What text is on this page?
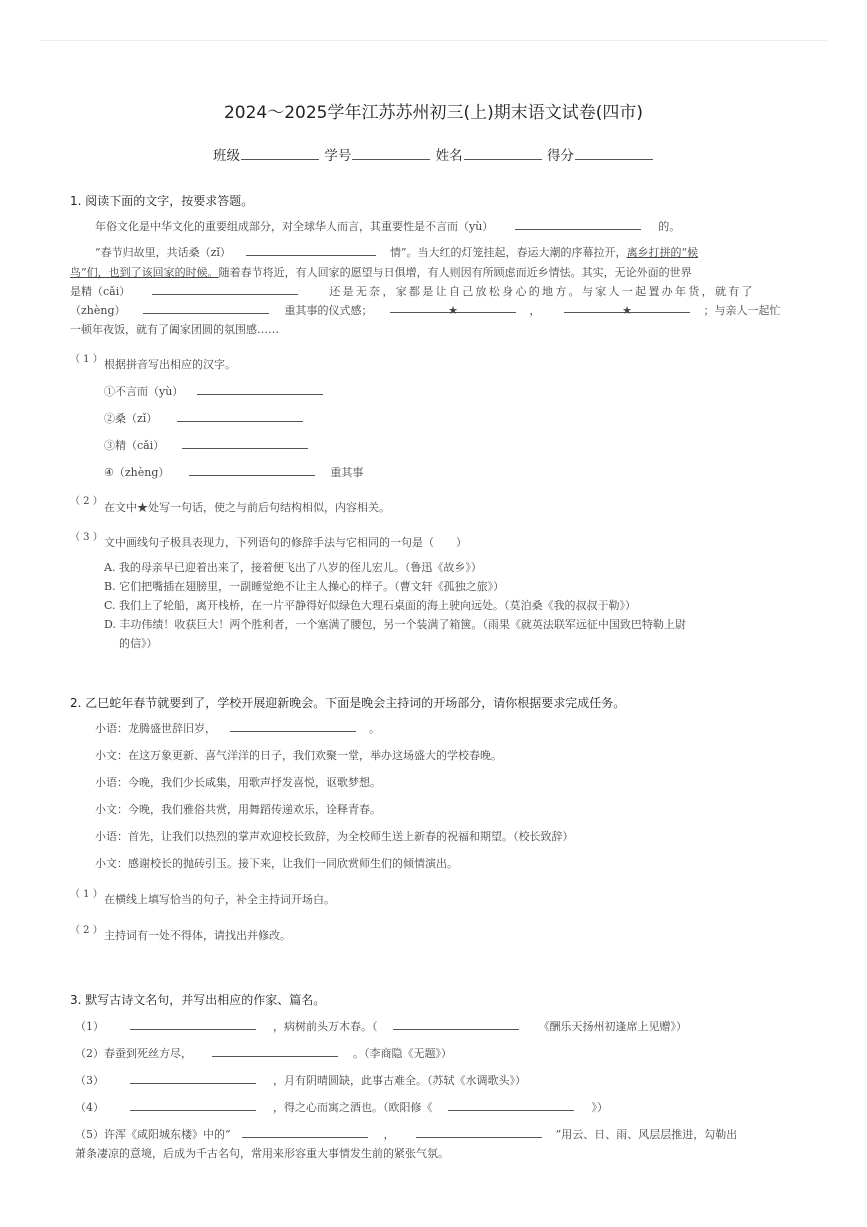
2024～2025学年江苏苏州初三(上)期末语文试卷(四市)
班级	学号	姓名	得分
1. 阅读下面的文字，按要求答题。
年俗文化是中华文化的重要组成部分，对全球华人而言，其重要性是不言而（yù）	的。
“春节归故里，共话桑（zǐ）	情”。当大红的灯笼挂起，春运大潮的序幕拉开，离乡打拼的“候
鸟”们，也到了该回家的时候。随着春节将近，有人回家的愿望与日俱增，有人则因有所顾虑而近乡情怯。其实，无论外面的世界
是精（cǎi）	还是无奈，家都是让自己放松身心的地方。与家人一起置办年货，就有了
（zhèng）	重其事的仪式感；	★	，	★	；与亲人一起忙
一顿年夜饭，就有了阖家团圆的氛围感……
（ 1 ） 根据拼音写出相应的汉字。
①不言而（yù）
②桑（zǐ）
③精（cǎi）
④（zhèng）	重其事
（ 2 ） 在文中★处写一句话，使之与前后句结构相似，内容相关。
（ 3 ） 文中画线句子极具表现力，下列语句的修辞手法与它相同的一句是（　　）
A. 我的母亲早已迎着出来了，接着便飞出了八岁的侄儿宏儿。（鲁迅《故乡》）
B. 它们把嘴插在翅膀里，一副睡觉绝不让主人操心的样子。（曹文轩《孤独之旅》）
C. 我们上了轮船，离开栈桥，在一片平静得好似绿色大理石桌面的海上驶向远处。（莫泊桑《我的叔叔于勒》）
D. 丰功伟绩！收获巨大！两个胜利者，一个塞满了腰包，另一个装满了箱箧。（雨果《就英法联军远征中国致巴特勒上尉
的信》）
2. 乙巳蛇年春节就要到了，学校开展迎新晚会。下面是晚会主持词的开场部分，请你根据要求完成任务。
小语：龙腾盛世辞旧岁，	。
小文：在这万象更新、喜气洋洋的日子，我们欢聚一堂，举办这场盛大的学校春晚。
小语：今晚，我们少长咸集，用歌声抒发喜悦，讴歌梦想。
小文：今晚，我们雅俗共赏，用舞蹈传递欢乐，诠释青春。
小语：首先，让我们以热烈的掌声欢迎校长致辞，为全校师生送上新春的祝福和期望。（校长致辞）
小文：感谢校长的抛砖引玉。接下来，让我们一同欣赏师生们的倾情演出。
（ 1 ） 在横线上填写恰当的句子，补全主持词开场白。
（ 2 ） 主持词有一处不得体，请找出并修改。
3. 默写古诗文名句，并写出相应的作家、篇名。
（1）	，病树前头万木春。（	《酬乐天扬州初逢席上见赠》）
（2）春蚕到死丝方尽，	。（李商隐《无题》）
（3）	，月有阴晴圆缺，此事古难全。（苏轼《水调歌头》）
（4）	，得之心而寓之酒也。（欧阳修《	》）
（5）许浑《咸阳城东楼》中的“	，	”用云、日、雨、风层层推进，勾勒出
萧条凄凉的意境，后成为千古名句，常用来形容重大事情发生前的紧张气氛。
